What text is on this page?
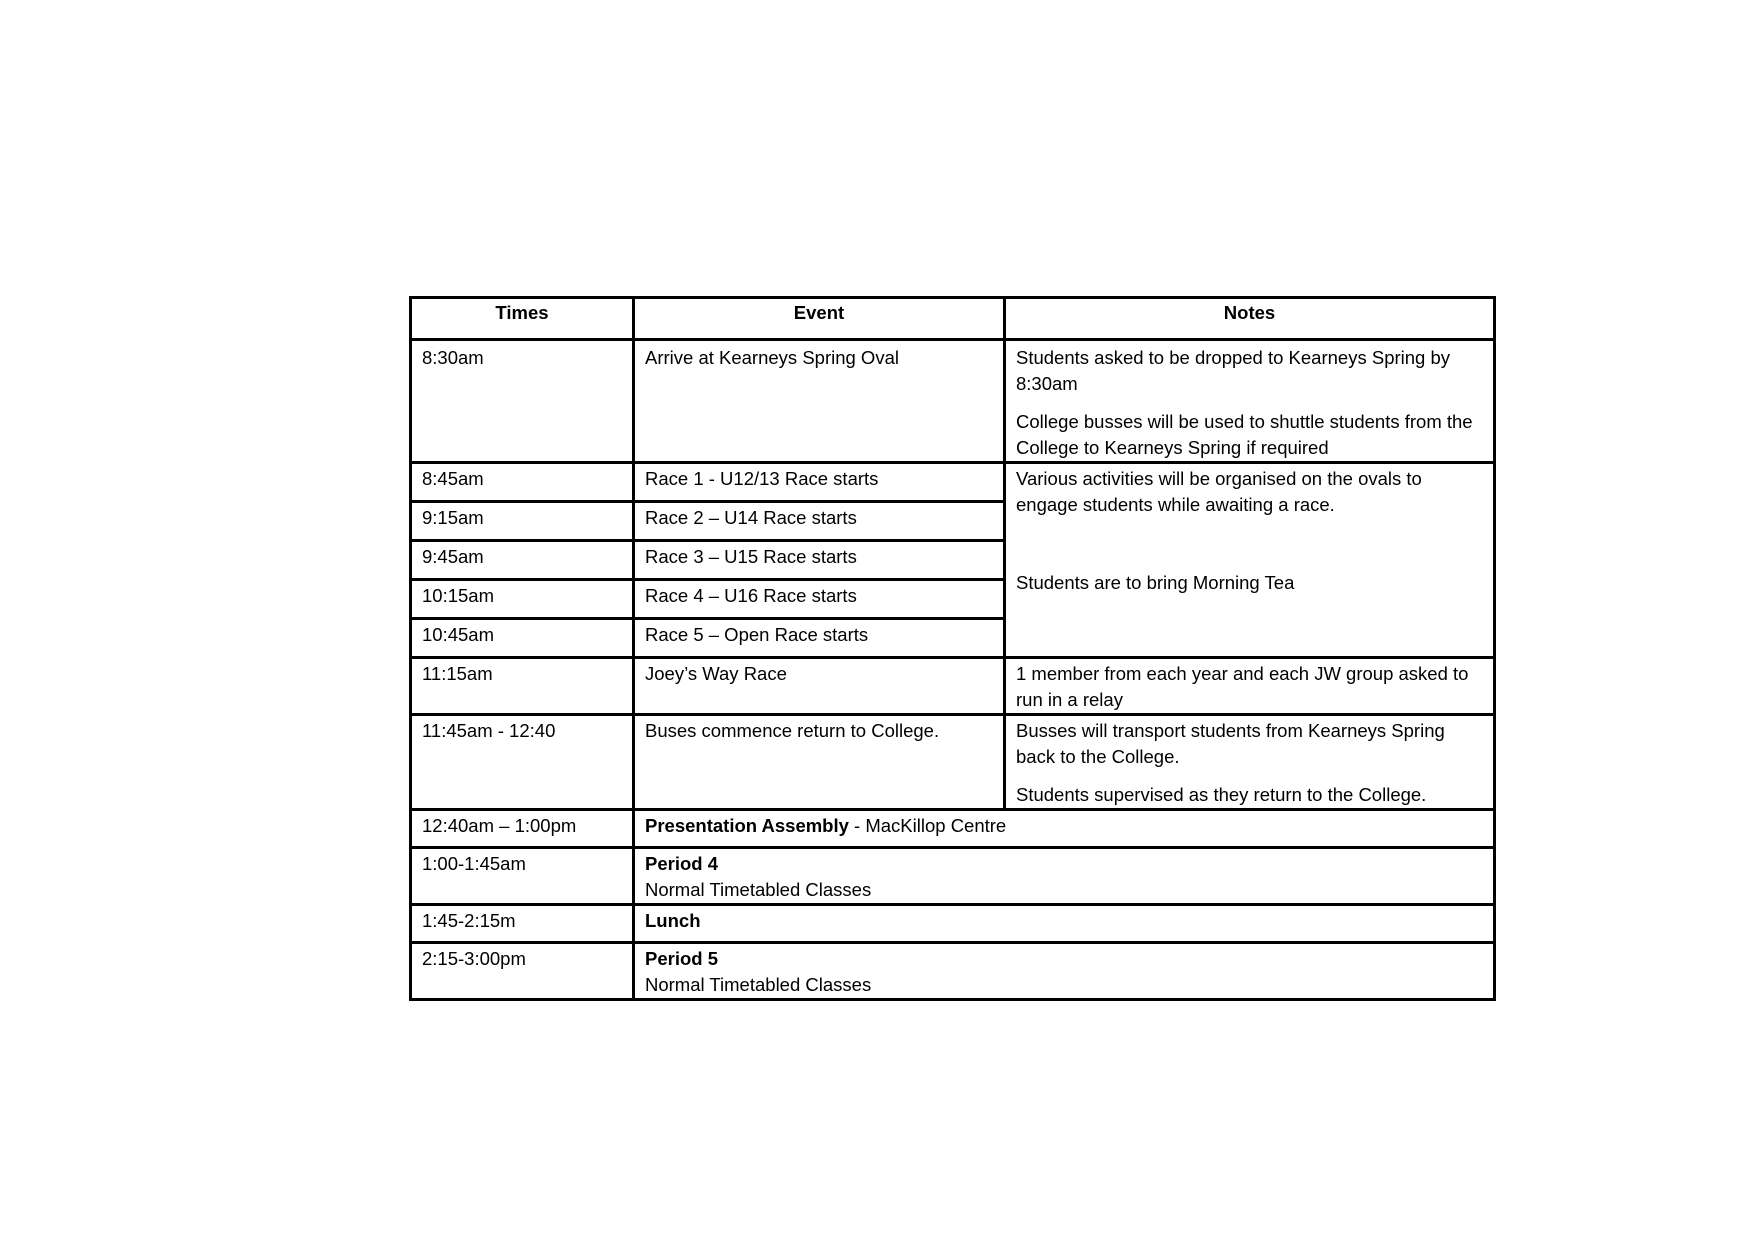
Times	Event	Notes
8:30am	Arrive at Kearneys Spring Oval	Students asked to be dropped to Kearneys Spring by 8:30am

College busses will be used to shuttle students from the College to Kearneys Spring if required

8:45am	Race 1 - U12/13 Race starts	Various activities will be organised on the ovals to engage students while awaiting a race.

Students are to bring Morning Tea

9:15am	Race 2 – U14 Race starts	
9:45am	Race 3 – U15 Race starts	
10:15am	Race 4 – U16 Race starts	
10:45am	Race 5 – Open Race starts	
11:15am	Joey’s Way Race	1 member from each year and each JW group asked to run in a relay

11:45am - 12:40	Buses commence return to College.	Busses will transport students from Kearneys Spring back to the College.

Students supervised as they return to the College.

12:40am – 1:00pm	Presentation Assembly - MacKillop Centre	
1:00-1:45am	Period 4
Normal Timetabled Classes	
1:45-2:15m	Lunch	
2:15-3:00pm	Period 5
Normal Timetabled Classes	
